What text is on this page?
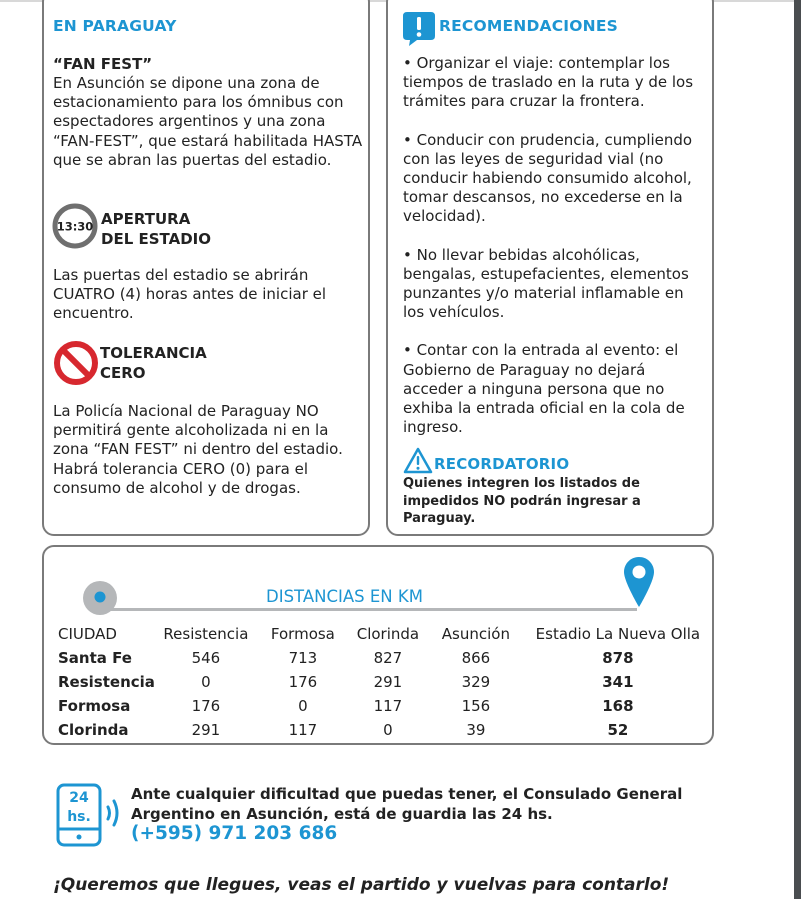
EN PARAGUAY
“FAN FEST”
En Asunción se dipone una zona de estacionamiento para los ómnibus con espectadores argentinos y una zona “FAN-FEST”, que estará habilitada HASTA que se abran las puertas del estadio.
13:30 APERTURA
DEL ESTADIO
Las puertas del estadio se abrirán CUATRO (4) horas antes de iniciar el encuentro.
TOLERANCIA
CERO
La Policía Nacional de Paraguay NO permitirá gente alcoholizada ni en la zona “FAN FEST” ni dentro del estadio.
Habrá tolerancia CERO (0) para el consumo de alcohol y de drogas.
RECOMENDACIONES
• Organizar el viaje: contemplar los tiempos de traslado en la ruta y de los trámites para cruzar la frontera.
• Conducir con prudencia, cumpliendo con las leyes de seguridad vial (no conducir habiendo consumido alcohol, tomar descansos, no excederse en la velocidad).
• No llevar bebidas alcohólicas, bengalas, estupefacientes, elementos punzantes y/o material inflamable en los vehículos.
• Contar con la entrada al evento: el Gobierno de Paraguay no dejará acceder a ninguna persona que no exhiba la entrada oficial en la cola de ingreso.
RECORDATORIO
Quienes integren los listados de impedidos NO podrán ingresar a Paraguay.
DISTANCIAS EN KM
CIUDAD	Resistencia	Formosa	Clorinda	Asunción	Estadio La Nueva Olla
Santa Fe	546	713	827	866	878
Resistencia	0	176	291	329	341
Formosa	176	0	117	156	168
Clorinda	291	117	0	39	52
24
hs.
Ante cualquier dificultad que puedas tener, el Consulado General Argentino en Asunción, está de guardia las 24 hs.
(+595) 971 203 686
¡Queremos que llegues, veas el partido y vuelvas para contarlo!
